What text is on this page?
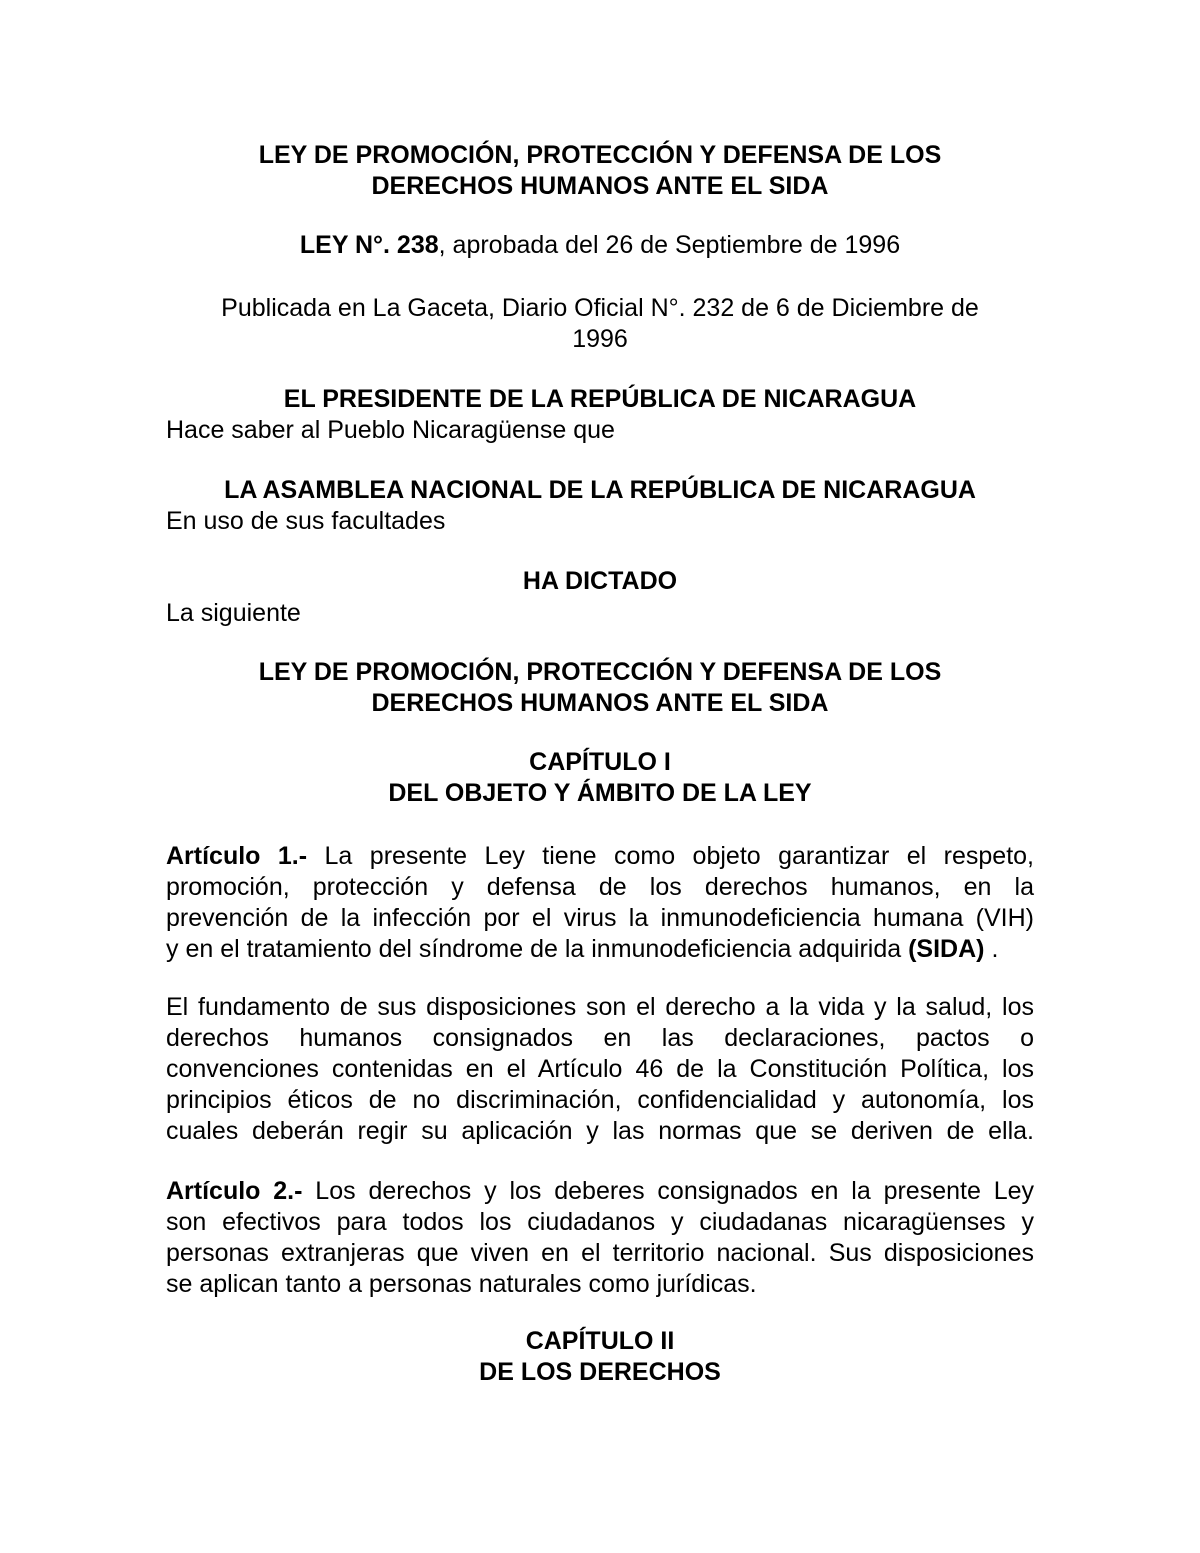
LEY DE PROMOCIÓN, PROTECCIÓN Y DEFENSA DE LOS
DERECHOS HUMANOS ANTE EL SIDA
LEY N°. 238, aprobada del 26 de Septiembre de 1996
Publicada en La Gaceta, Diario Oficial N°. 232 de 6 de Diciembre de
1996
EL PRESIDENTE DE LA REPÚBLICA DE NICARAGUA
Hace saber al Pueblo Nicaragüense que
LA ASAMBLEA NACIONAL DE LA REPÚBLICA DE NICARAGUA
En uso de sus facultades
HA DICTADO
La siguiente
LEY DE PROMOCIÓN, PROTECCIÓN Y DEFENSA DE LOS
DERECHOS HUMANOS ANTE EL SIDA
CAPÍTULO I
DEL OBJETO Y ÁMBITO DE LA LEY
Artículo 1.- La presente Ley tiene como objeto garantizar el respeto,
promoción, protección y defensa de los derechos humanos, en la
prevención de la infección por el virus la inmunodeficiencia humana (VIH)
y en el tratamiento del síndrome de la inmunodeficiencia adquirida (SIDA) .
El fundamento de sus disposiciones son el derecho a la vida y la salud, los
derechos humanos consignados en las declaraciones, pactos o
convenciones contenidas en el Artículo 46 de la Constitución Política, los
principios éticos de no discriminación, confidencialidad y autonomía, los
cuales deberán regir su aplicación y las normas que se deriven de ella.
Artículo 2.- Los derechos y los deberes consignados en la presente Ley
son efectivos para todos los ciudadanos y ciudadanas nicaragüenses y
personas extranjeras que viven en el territorio nacional. Sus disposiciones
se aplican tanto a personas naturales como jurídicas.
CAPÍTULO II
DE LOS DERECHOS
